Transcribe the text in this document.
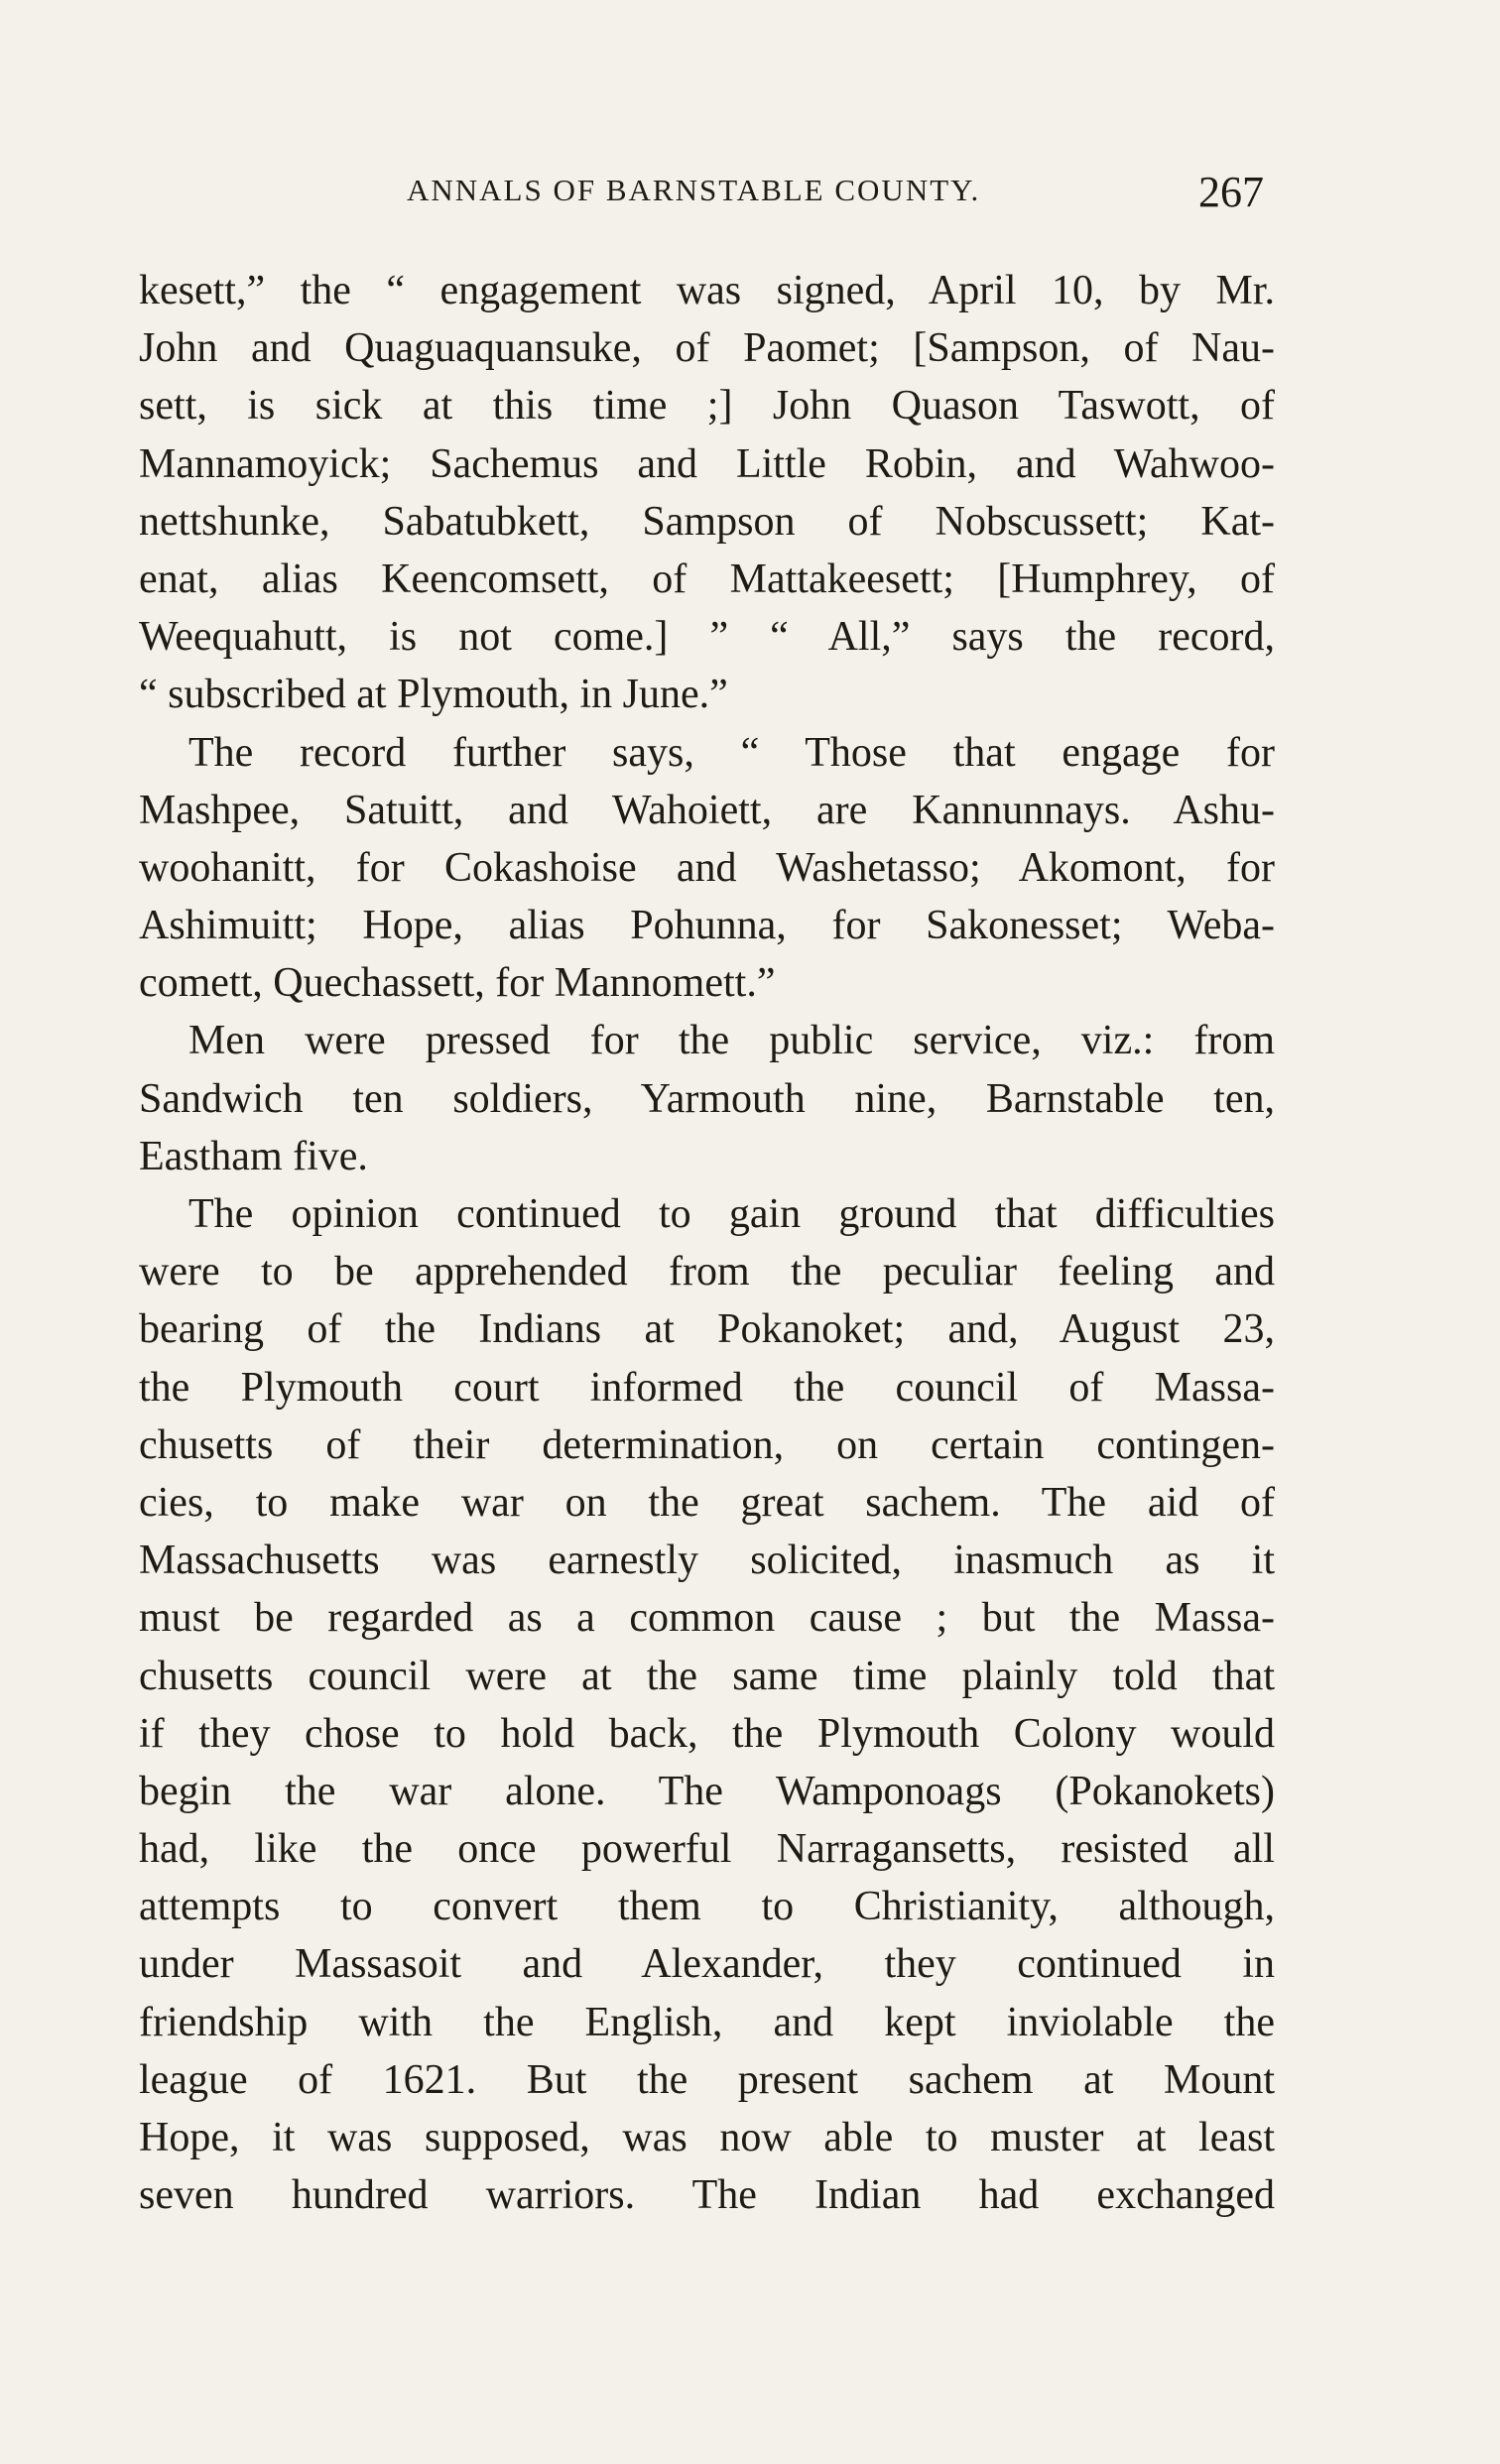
ANNALS OF BARNSTABLE COUNTY.	267
kesett,” the “ engagement was signed, April 10, by Mr.
John and Quaguaquansuke, of Paomet; [Sampson, of Nau-
sett, is sick at this time ;] John Quason Taswott, of
Mannamoyick; Sachemus and Little Robin, and Wahwoo-
nettshunke, Sabatubkett, Sampson of Nobscussett; Kat-
enat, alias Keencomsett, of Mattakeesett; [Humphrey, of
Weequahutt, is not come.] ” “ All,” says the record,
“ subscribed at Plymouth, in June.”
The record further says, “ Those that engage for
Mashpee, Satuitt, and Wahoiett, are Kannunnays. Ashu-
woohanitt, for Cokashoise and Washetasso; Akomont, for
Ashimuitt; Hope, alias Pohunna, for Sakonesset; Weba-
comett, Quechassett, for Mannomett.”
Men were pressed for the public service, viz.: from
Sandwich ten soldiers, Yarmouth nine, Barnstable ten,
Eastham five.
The opinion continued to gain ground that difficulties
were to be apprehended from the peculiar feeling and
bearing of the Indians at Pokanoket; and, August 23,
the Plymouth court informed the council of Massa-
chusetts of their determination, on certain contingen-
cies, to make war on the great sachem. The aid of
Massachusetts was earnestly solicited, inasmuch as it
must be regarded as a common cause ; but the Massa-
chusetts council were at the same time plainly told that
if they chose to hold back, the Plymouth Colony would
begin the war alone. The Wamponoags (Pokanokets)
had, like the once powerful Narragansetts, resisted all
attempts to convert them to Christianity, although,
under Massasoit and Alexander, they continued in
friendship with the English, and kept inviolable the
league of 1621. But the present sachem at Mount
Hope, it was supposed, was now able to muster at least
seven hundred warriors. The Indian had exchanged
